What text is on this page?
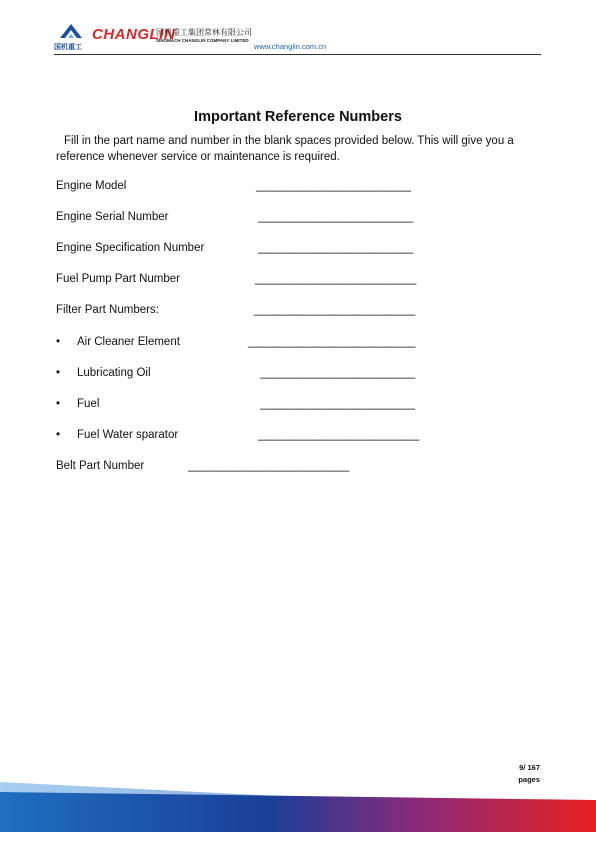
国机重工
CHANGLIN
国机重工集团常林有限公司
SINOMACH CHANGLIN COMPANY LIMITED
www.changlin.com.cn
Important Reference Numbers
Fill in the part name and number in the blank spaces provided below. This will give you a reference whenever service or maintenance is required.
Engine Model	_________________________
Engine Serial Number	_________________________
Engine Specification Number	_________________________
Fuel Pump Part Number	__________________________
Filter Part Numbers:	__________________________
• Air Cleaner Element	___________________________
• Lubricating Oil	_________________________
• Fuel	_________________________
• Fuel Water sparator	__________________________
Belt Part Number	__________________________
9/ 167
pages
